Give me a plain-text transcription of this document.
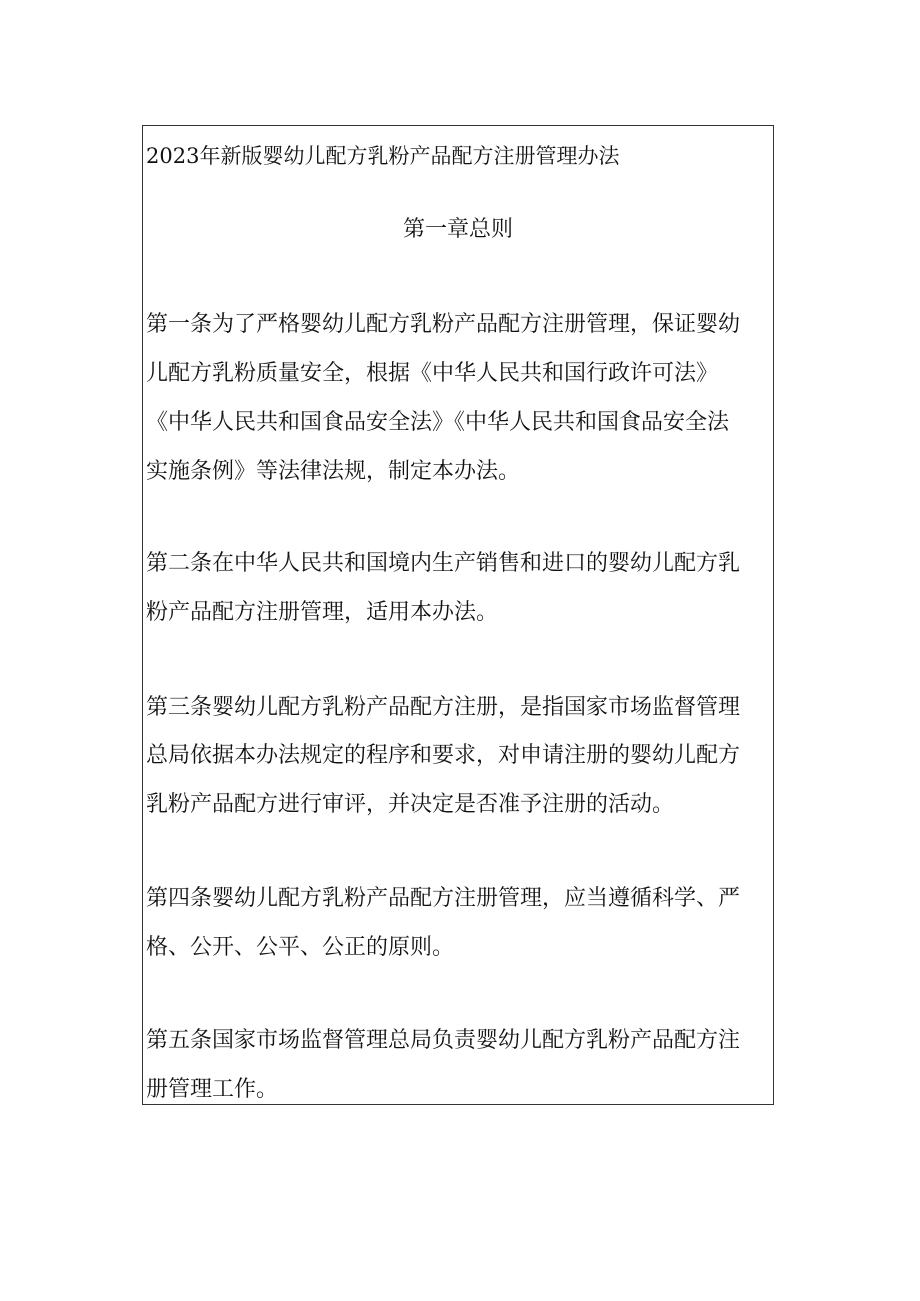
2023年新版婴幼儿配方乳粉产品配方注册管理办法
第一章总则
第一条为了严格婴幼儿配方乳粉产品配方注册管理，保证婴幼
儿配方乳粉质量安全，根据《中华人民共和国行政许可法》
《中华人民共和国食品安全法》《中华人民共和国食品安全法
实施条例》等法律法规，制定本办法。
第二条在中华人民共和国境内生产销售和进口的婴幼儿配方乳
粉产品配方注册管理，适用本办法。
第三条婴幼儿配方乳粉产品配方注册，是指国家市场监督管理
总局依据本办法规定的程序和要求，对申请注册的婴幼儿配方
乳粉产品配方进行审评，并决定是否准予注册的活动。
第四条婴幼儿配方乳粉产品配方注册管理，应当遵循科学、严
格、公开、公平、公正的原则。
第五条国家市场监督管理总局负责婴幼儿配方乳粉产品配方注
册管理工作。
